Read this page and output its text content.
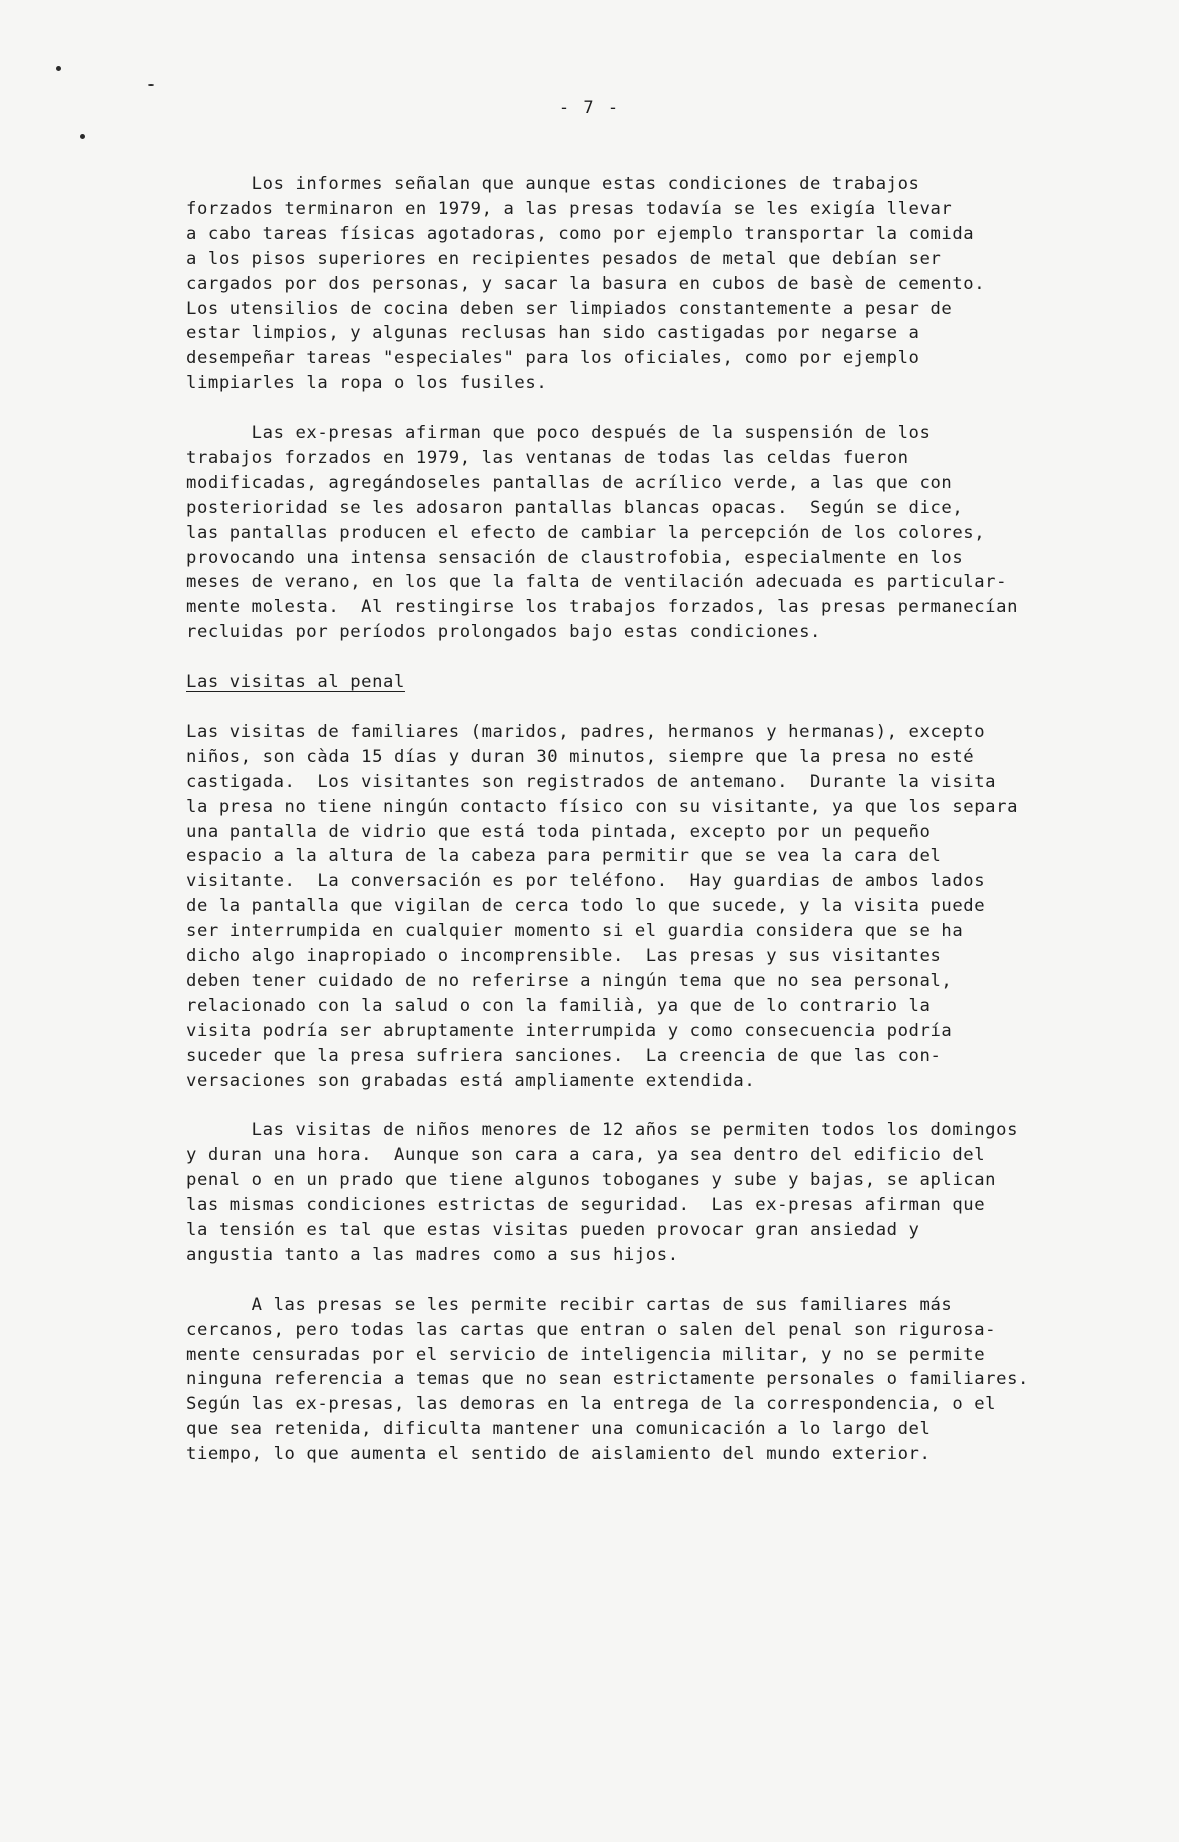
- 7 -
Los informes señalan que aunque estas condiciones de trabajos
forzados terminaron en 1979, a las presas todavía se les exigía llevar
a cabo tareas físicas agotadoras, como por ejemplo transportar la comida
a los pisos superiores en recipientes pesados de metal que debían ser
cargados por dos personas, y sacar la basura en cubos de basè de cemento.
Los utensilios de cocina deben ser limpiados constantemente a pesar de
estar limpios, y algunas reclusas han sido castigadas por negarse a
desempeñar tareas "especiales" para los oficiales, como por ejemplo
limpiarles la ropa o los fusiles.
Las ex-presas afirman que poco después de la suspensión de los
trabajos forzados en 1979, las ventanas de todas las celdas fueron
modificadas, agregándoseles pantallas de acrílico verde, a las que con
posterioridad se les adosaron pantallas blancas opacas.  Según se dice,
las pantallas producen el efecto de cambiar la percepción de los colores,
provocando una intensa sensación de claustrofobia, especialmente en los
meses de verano, en los que la falta de ventilación adecuada es particular-
mente molesta.  Al restingirse los trabajos forzados, las presas permanecían
recluidas por períodos prolongados bajo estas condiciones.
Las visitas al penal
Las visitas de familiares (maridos, padres, hermanos y hermanas), excepto
niños, son càda 15 días y duran 30 minutos, siempre que la presa no esté
castigada.  Los visitantes son registrados de antemano.  Durante la visita
la presa no tiene ningún contacto físico con su visitante, ya que los separa
una pantalla de vidrio que está toda pintada, excepto por un pequeño
espacio a la altura de la cabeza para permitir que se vea la cara del
visitante.  La conversación es por teléfono.  Hay guardias de ambos lados
de la pantalla que vigilan de cerca todo lo que sucede, y la visita puede
ser interrumpida en cualquier momento si el guardia considera que se ha
dicho algo inapropiado o incomprensible.  Las presas y sus visitantes
deben tener cuidado de no referirse a ningún tema que no sea personal,
relacionado con la salud o con la familià, ya que de lo contrario la
visita podría ser abruptamente interrumpida y como consecuencia podría
suceder que la presa sufriera sanciones.  La creencia de que las con-
versaciones son grabadas está ampliamente extendida.
Las visitas de niños menores de 12 años se permiten todos los domingos
y duran una hora.  Aunque son cara a cara, ya sea dentro del edificio del
penal o en un prado que tiene algunos toboganes y sube y bajas, se aplican
las mismas condiciones estrictas de seguridad.  Las ex-presas afirman que
la tensión es tal que estas visitas pueden provocar gran ansiedad y
angustia tanto a las madres como a sus hijos.
A las presas se les permite recibir cartas de sus familiares más
cercanos, pero todas las cartas que entran o salen del penal son rigurosa-
mente censuradas por el servicio de inteligencia militar, y no se permite
ninguna referencia a temas que no sean estrictamente personales o familiares.
Según las ex-presas, las demoras en la entrega de la correspondencia, o el
que sea retenida, dificulta mantener una comunicación a lo largo del
tiempo, lo que aumenta el sentido de aislamiento del mundo exterior.
